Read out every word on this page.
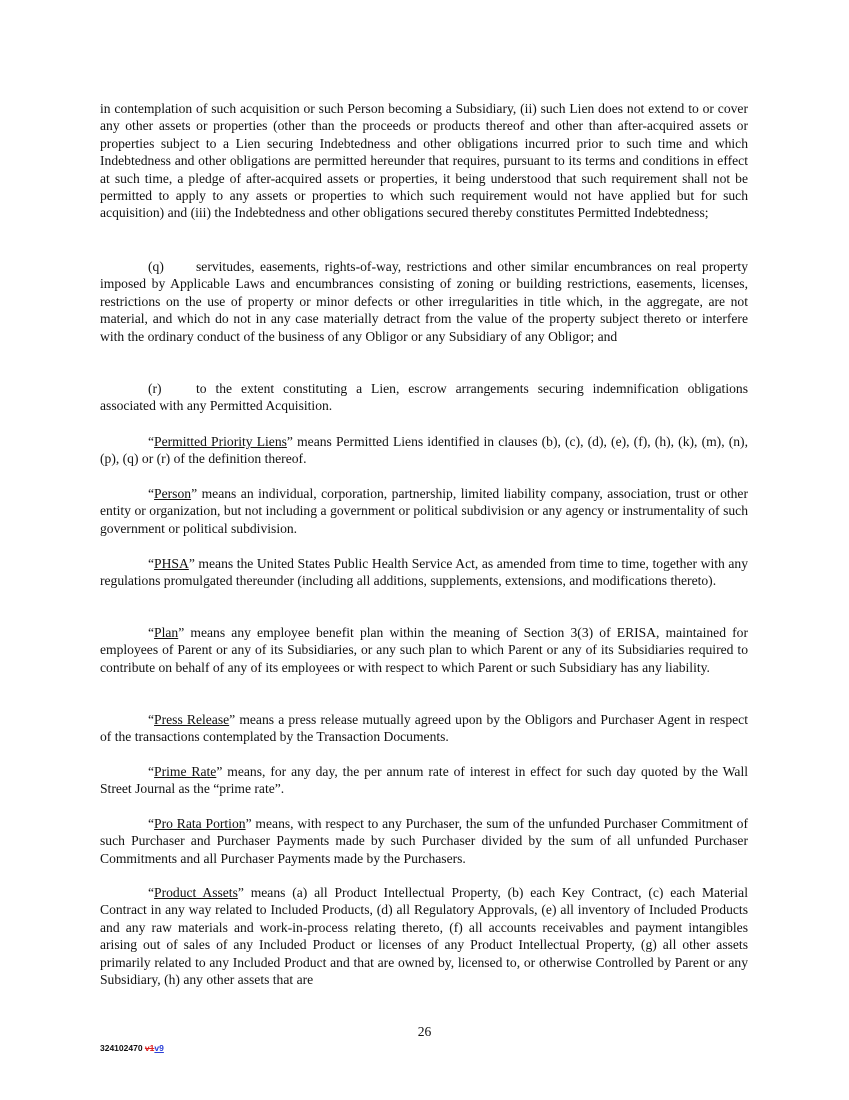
in contemplation of such acquisition or such Person becoming a Subsidiary, (ii) such Lien does not extend to or cover any other assets or properties (other than the proceeds or products thereof and other than after-acquired assets or properties subject to a Lien securing Indebtedness and other obligations incurred prior to such time and which Indebtedness and other obligations are permitted hereunder that requires, pursuant to its terms and conditions in effect at such time, a pledge of after-acquired assets or properties, it being understood that such requirement shall not be permitted to apply to any assets or properties to which such requirement would not have applied but for such acquisition) and (iii) the Indebtedness and other obligations secured thereby constitutes Permitted Indebtedness;

(q) servitudes, easements, rights-of-way, restrictions and other similar encumbrances on real property imposed by Applicable Laws and encumbrances consisting of zoning or building restrictions, easements, licenses, restrictions on the use of property or minor defects or other irregularities in title which, in the aggregate, are not material, and which do not in any case materially detract from the value of the property subject thereto or interfere with the ordinary conduct of the business of any Obligor or any Subsidiary of any Obligor; and

(r)	to the extent constituting a Lien, escrow arrangements securing indemnification obligations associated with any Permitted Acquisition.

“Permitted Priority Liens” means Permitted Liens identified in clauses (b), (c), (d), (e), (f), (h), (k), (m), (n), (p), (q) or (r) of the definition thereof.

“Person” means an individual, corporation, partnership, limited liability company, association, trust or other entity or organization, but not including a government or political subdivision or any agency or instrumentality of such government or political subdivision.

“PHSA” means the United States Public Health Service Act, as amended from time to time, together with any regulations promulgated thereunder (including all additions, supplements, extensions, and modifications thereto).

“Plan” means any employee benefit plan within the meaning of Section 3(3) of ERISA, maintained for employees of Parent or any of its Subsidiaries, or any such plan to which Parent or any of its Subsidiaries required to contribute on behalf of any of its employees or with respect to which Parent or such Subsidiary has any liability.

“Press Release” means a press release mutually agreed upon by the Obligors and Purchaser Agent in respect of the transactions contemplated by the Transaction Documents.

“Prime Rate” means, for any day, the per annum rate of interest in effect for such day quoted by the Wall Street Journal as the “prime rate”.

“Pro Rata Portion” means, with respect to any Purchaser, the sum of the unfunded Purchaser Commitment of such Purchaser and Purchaser Payments made by such Purchaser divided by the sum of all unfunded Purchaser Commitments and all Purchaser Payments made by the Purchasers.

“Product Assets” means (a) all Product Intellectual Property, (b) each Key Contract, (c) each Material Contract in any way related to Included Products, (d) all Regulatory Approvals, (e) all inventory of Included Products and any raw materials and work-in-process relating thereto, (f) all accounts receivables and payment intangibles arising out of sales of any Included Product or licenses of any Product Intellectual Property, (g) all other assets primarily related to any Included Product and that are owned by, licensed to, or otherwise Controlled by Parent or any Subsidiary, (h) any other assets that are

26
324102470 v1v9
